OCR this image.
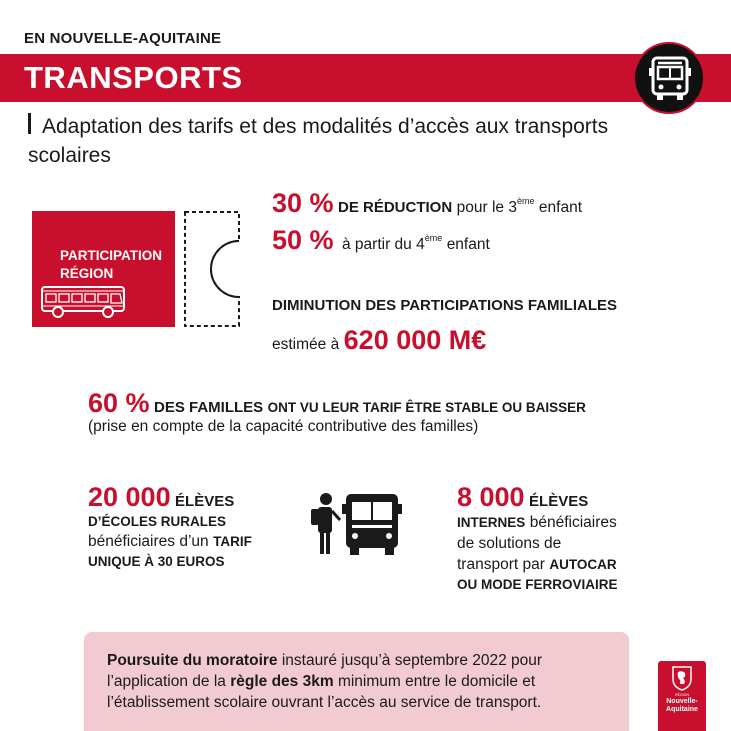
EN NOUVELLE-AQUITAINE
TRANSPORTS
Adaptation des tarifs et des modalités d’accès aux transports scolaires
PARTICIPATION
RÉGION
30 % DE RÉDUCTION pour le 3ème enfant
50 % à partir du 4ème enfant
DIMINUTION DES PARTICIPATIONS FAMILIALES
estimée à 620 000 M€
60 % DES FAMILLES ONT VU LEUR TARIF ÊTRE STABLE OU BAISSER
(prise en compte de la capacité contributive des familles)
20 000 ÉLÈVES
D’ÉCOLES RURALES
bénéficiaires d’un TARIF
UNIQUE À 30 EUROS
8 000 ÉLÈVES
INTERNES bénéficiaires
de solutions de
transport par AUTOCAR
OU MODE FERROVIAIRE
Poursuite du moratoire instauré jusqu’à septembre 2022 pour
l’application de la règle des 3km minimum entre le domicile et
l’établissement scolaire ouvrant l’accès au service de transport.	RÉGION
Nouvelle-
Aquitaine
